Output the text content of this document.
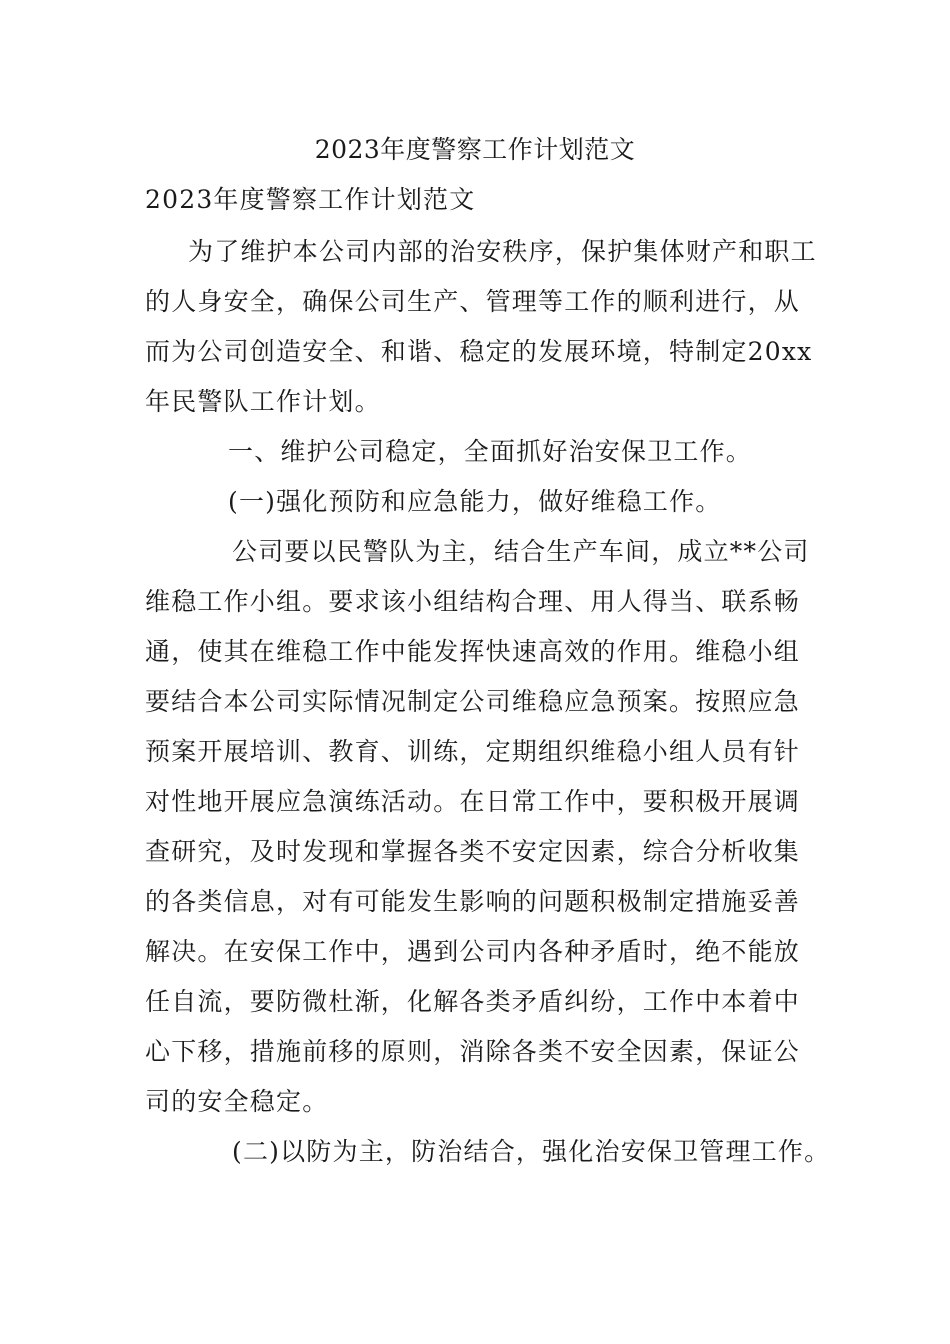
2023年度警察工作计划范文
2023年度警察工作计划范文
为了维护本公司内部的治安秩序，保护集体财产和职工
的人身安全，确保公司生产、管理等工作的顺利进行，从
而为公司创造安全、和谐、稳定的发展环境，特制定20xx
年民警队工作计划。
一、维护公司稳定，全面抓好治安保卫工作。
(一)强化预防和应急能力，做好维稳工作。
公司要以民警队为主，结合生产车间，成立**公司
维稳工作小组。要求该小组结构合理、用人得当、联系畅
通，使其在维稳工作中能发挥快速高效的作用。维稳小组
要结合本公司实际情况制定公司维稳应急预案。按照应急
预案开展培训、教育、训练，定期组织维稳小组人员有针
对性地开展应急演练活动。在日常工作中，要积极开展调
查研究，及时发现和掌握各类不安定因素，综合分析收集
的各类信息，对有可能发生影响的问题积极制定措施妥善
解决。在安保工作中，遇到公司内各种矛盾时，绝不能放
任自流，要防微杜渐，化解各类矛盾纠纷，工作中本着中
心下移，措施前移的原则，消除各类不安全因素，保证公
司的安全稳定。
(二)以防为主，防治结合，强化治安保卫管理工作。
